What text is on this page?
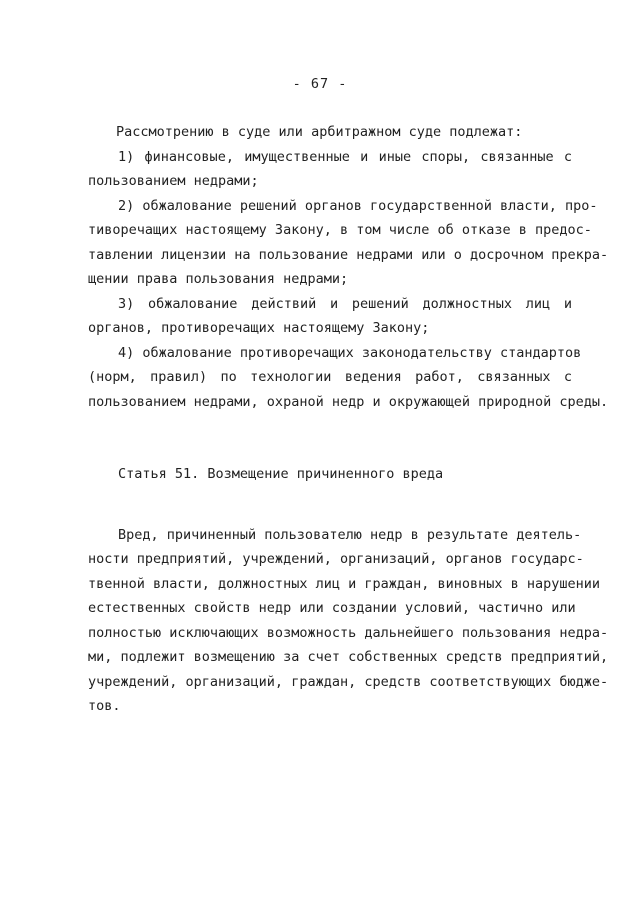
- 67 -
Рассмотрению в суде или арбитражном суде подлежат:
1) финансовые, имущественные и иные споры, связанные с
пользованием недрами;
2) обжалование решений органов государственной власти, про-
тиворечащих настоящему Законy, в том числе об отказе в предос-
тавлении лицензии на пользование недрами или о досрочном прекра-
щении права пользования недрами;
3) обжалование действий и решений должностных лиц и
органов, противоречащих настоящему Закону;
4) обжалование противоречащих законодательству стандартов
(норм, правил) по технологии ведения работ, связанных с
пользованием недрами, охраной недр и окружающей природной среды.
Статья 51. Возмещение причиненного вреда
Вред, причиненный пользователю недр в результате деятель-
ности предприятий, учреждений, организаций, органов государс-
твенной власти, должностных лиц и граждан, виновных в нарушении
естественных свойств недр или создании условий, частично или
полностью исключающих возможность дальнейшего пользования недра-
ми, подлежит возмещению за счет собственных средств предприятий,
учреждений, организаций, граждан, средств соответствующих бюдже-
тов.
